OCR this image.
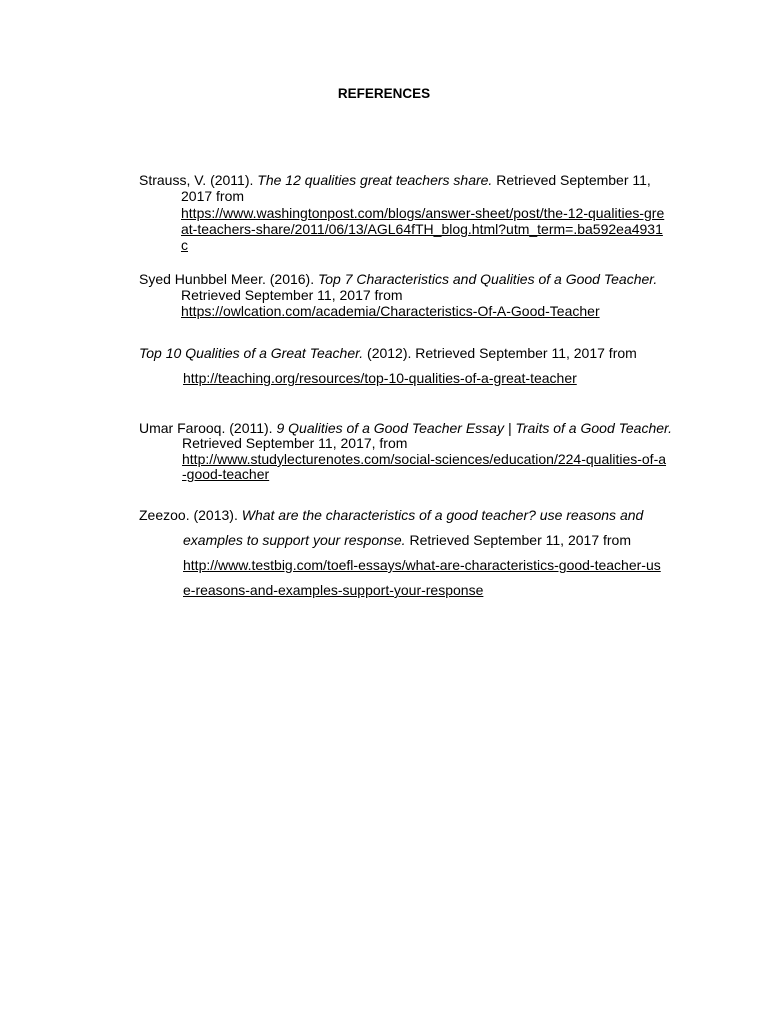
REFERENCES
Strauss, V. (2011). The 12 qualities great teachers share. Retrieved September 11,
2017 from
https://www.washingtonpost.com/blogs/answer-sheet/post/the-12-qualities-gre
at-teachers-share/2011/06/13/AGL64fTH_blog.html?utm_term=.ba592ea4931
c
Syed Hunbbel Meer. (2016). Top 7 Characteristics and Qualities of a Good Teacher.
Retrieved September 11, 2017 from
https://owlcation.com/academia/Characteristics-Of-A-Good-Teacher
Top 10 Qualities of a Great Teacher. (2012). Retrieved September 11, 2017 from
http://teaching.org/resources/top-10-qualities-of-a-great-teacher
Umar Farooq. (2011). 9 Qualities of a Good Teacher Essay | Traits of a Good Teacher.
Retrieved September 11, 2017, from
http://www.studylecturenotes.com/social-sciences/education/224-qualities-of-a
-good-teacher
Zeezoo. (2013). What are the characteristics of a good teacher? use reasons and
examples to support your response. Retrieved September 11, 2017 from
http://www.testbig.com/toefl-essays/what-are-characteristics-good-teacher-us
e-reasons-and-examples-support-your-response
